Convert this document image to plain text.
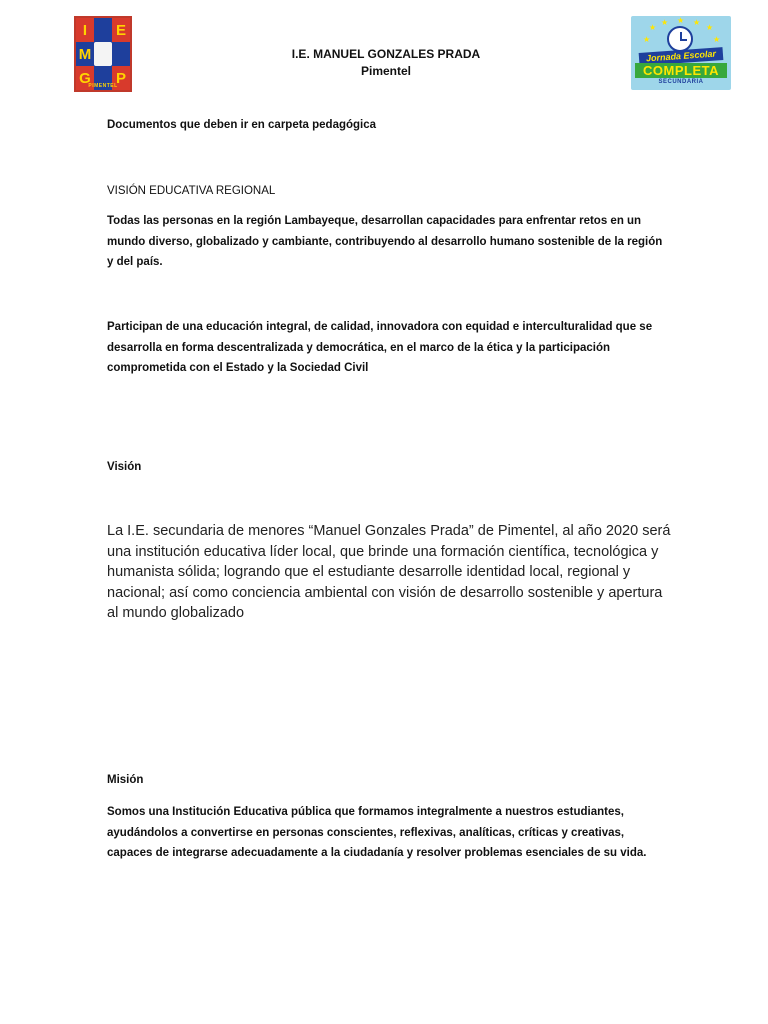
I	E
M
G P
PIMENTEL
I.E. MANUEL GONZALES PRADA
Pimentel
★
★ ★ ★
★
★	★
Jornada Escolar
COMPLETA
SECUNDARIA

Documentos que deben ir en carpeta pedagógica

VISIÓN EDUCATIVA REGIONAL

Todas las personas en la región Lambayeque, desarrollan capacidades para enfrentar retos en un mundo diverso, globalizado y cambiante, contribuyendo al desarrollo humano sostenible de la región y del país.

Participan de una educación integral, de calidad, innovadora con equidad e interculturalidad que se desarrolla en forma descentralizada y democrática, en el marco de la ética y la participación comprometida con el Estado y la Sociedad Civil

Visión

La I.E. secundaria de menores “Manuel Gonzales Prada” de Pimentel, al año 2020 será una institución educativa líder local, que brinde una formación científica, tecnológica y humanista sólida; logrando que el estudiante desarrolle identidad local, regional y nacional; así como conciencia ambiental con visión de desarrollo sostenible y apertura al mundo globalizado

Misión

Somos una Institución Educativa pública que formamos integralmente a nuestros estudiantes, ayudándolos a convertirse en personas conscientes, reflexivas, analíticas, críticas y creativas, capaces de integrarse adecuadamente a la ciudadanía y resolver problemas esenciales de su vida.
